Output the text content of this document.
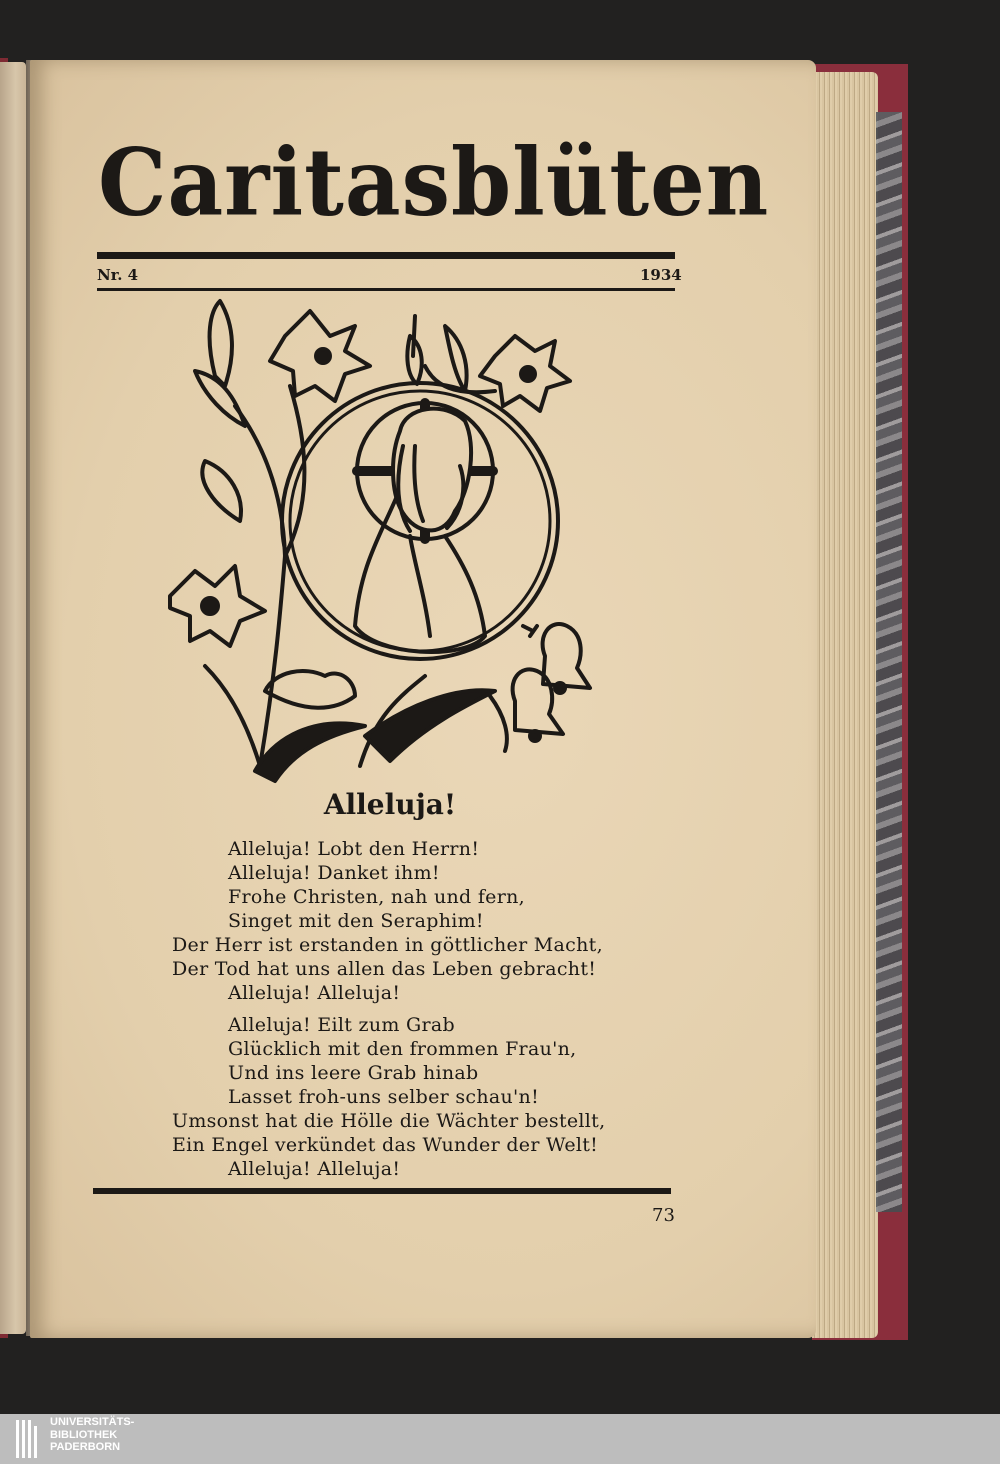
Caritasblüten
Nr. 4	1934
Alleluja!
Alleluja! Lobt den Herrn!
Alleluja! Danket ihm!
Frohe Christen, nah und fern,
Singet mit den Seraphim!
Der Herr ist erstanden in göttlicher Macht,
Der Tod hat uns allen das Leben gebracht!
Alleluja! Alleluja!
Alleluja! Eilt zum Grab
Glücklich mit den frommen Frau'n,
Und ins leere Grab hinab
Lasset froh-uns selber schau'n!
Umsonst hat die Hölle die Wächter bestellt,
Ein Engel verkündet das Wunder der Welt!
Alleluja! Alleluja!
73
UNIVERSITÄTS-
BIBLIOTHEK
PADERBORN
